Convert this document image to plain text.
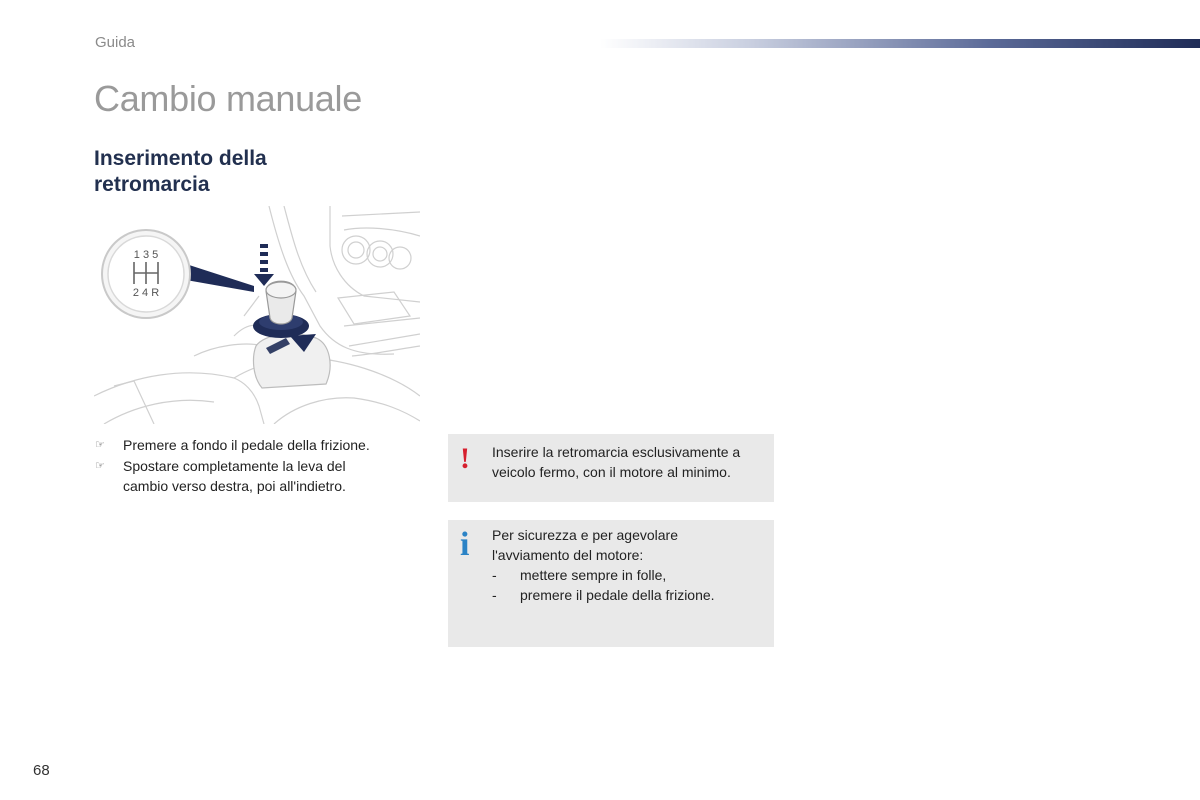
Guida
Cambio manuale
Inserimento della
retromarcia
1 3 5
2 4 R
☞ Premere a fondo il pedale della frizione.
☞ Spostare completamente la leva del
cambio verso destra, poi all'indietro.
! Inserire la retromarcia esclusivamente a
veicolo fermo, con il motore al minimo.
i Per sicurezza e per agevolare
l'avviamento del motore:
- mettere sempre in folle,
- premere il pedale della frizione.
68
